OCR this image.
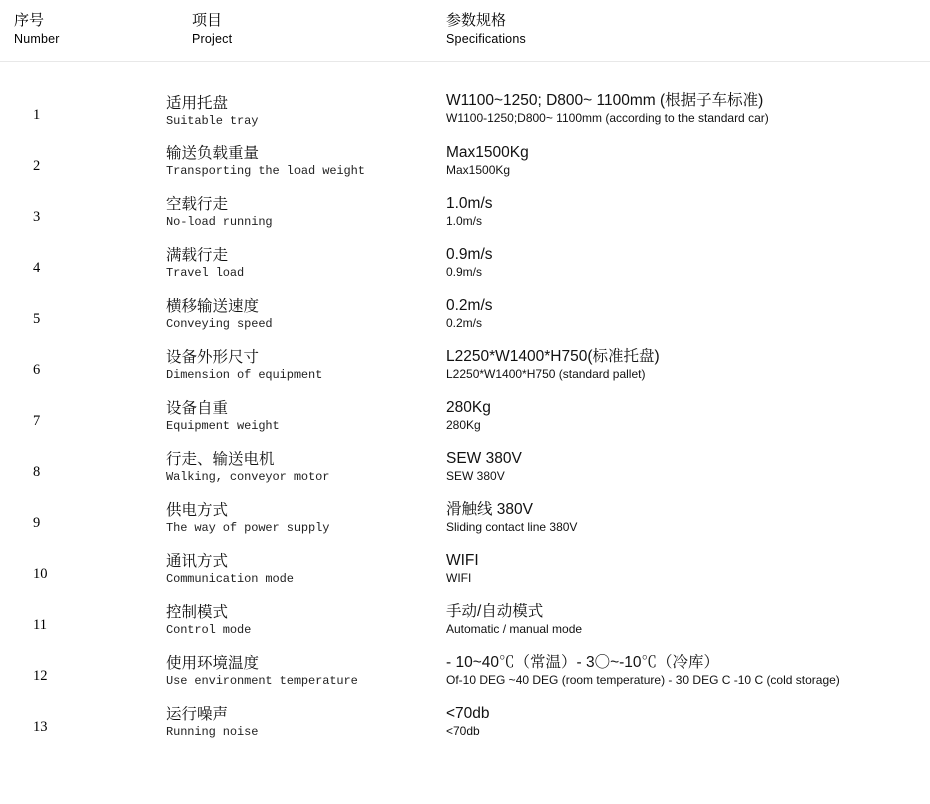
序号
Number
项目
Project
参数规格
Specifications
1
适用托盘
Suitable tray
W1100~1250; D800~ 1100mm (根据子车标准)
W1100-1250;D800~ 1100mm (according to the standard car)
2
输送负载重量
Transporting the load weight
Max1500Kg
Max1500Kg
3
空载行走
No-load running
1.0m/s
1.0m/s
4
满载行走
Travel load
0.9m/s
0.9m/s
5
横移输送速度
Conveying speed
0.2m/s
0.2m/s
6
设备外形尺寸
Dimension of equipment
L2250*W1400*H750(标准托盘)
L2250*W1400*H750 (standard pallet)
7
设备自重
Equipment weight
280Kg
280Kg
8
行走、输送电机
Walking, conveyor motor
SEW 380V
SEW 380V
9
供电方式
The way of power supply
滑触线 380V
Sliding contact line 380V
10
通讯方式
Communication mode
WIFI
WIFI
11
控制模式
Control mode
手动/自动模式
Automatic / manual mode
12
使用环境温度
Use environment temperature
- 10~40℃（常温）- 3〇~-10℃（冷库）
Of-10 DEG ~40 DEG (room temperature) - 30 DEG C -10 C (cold storage)
13
运行噪声
Running noise
<70db
<70db
